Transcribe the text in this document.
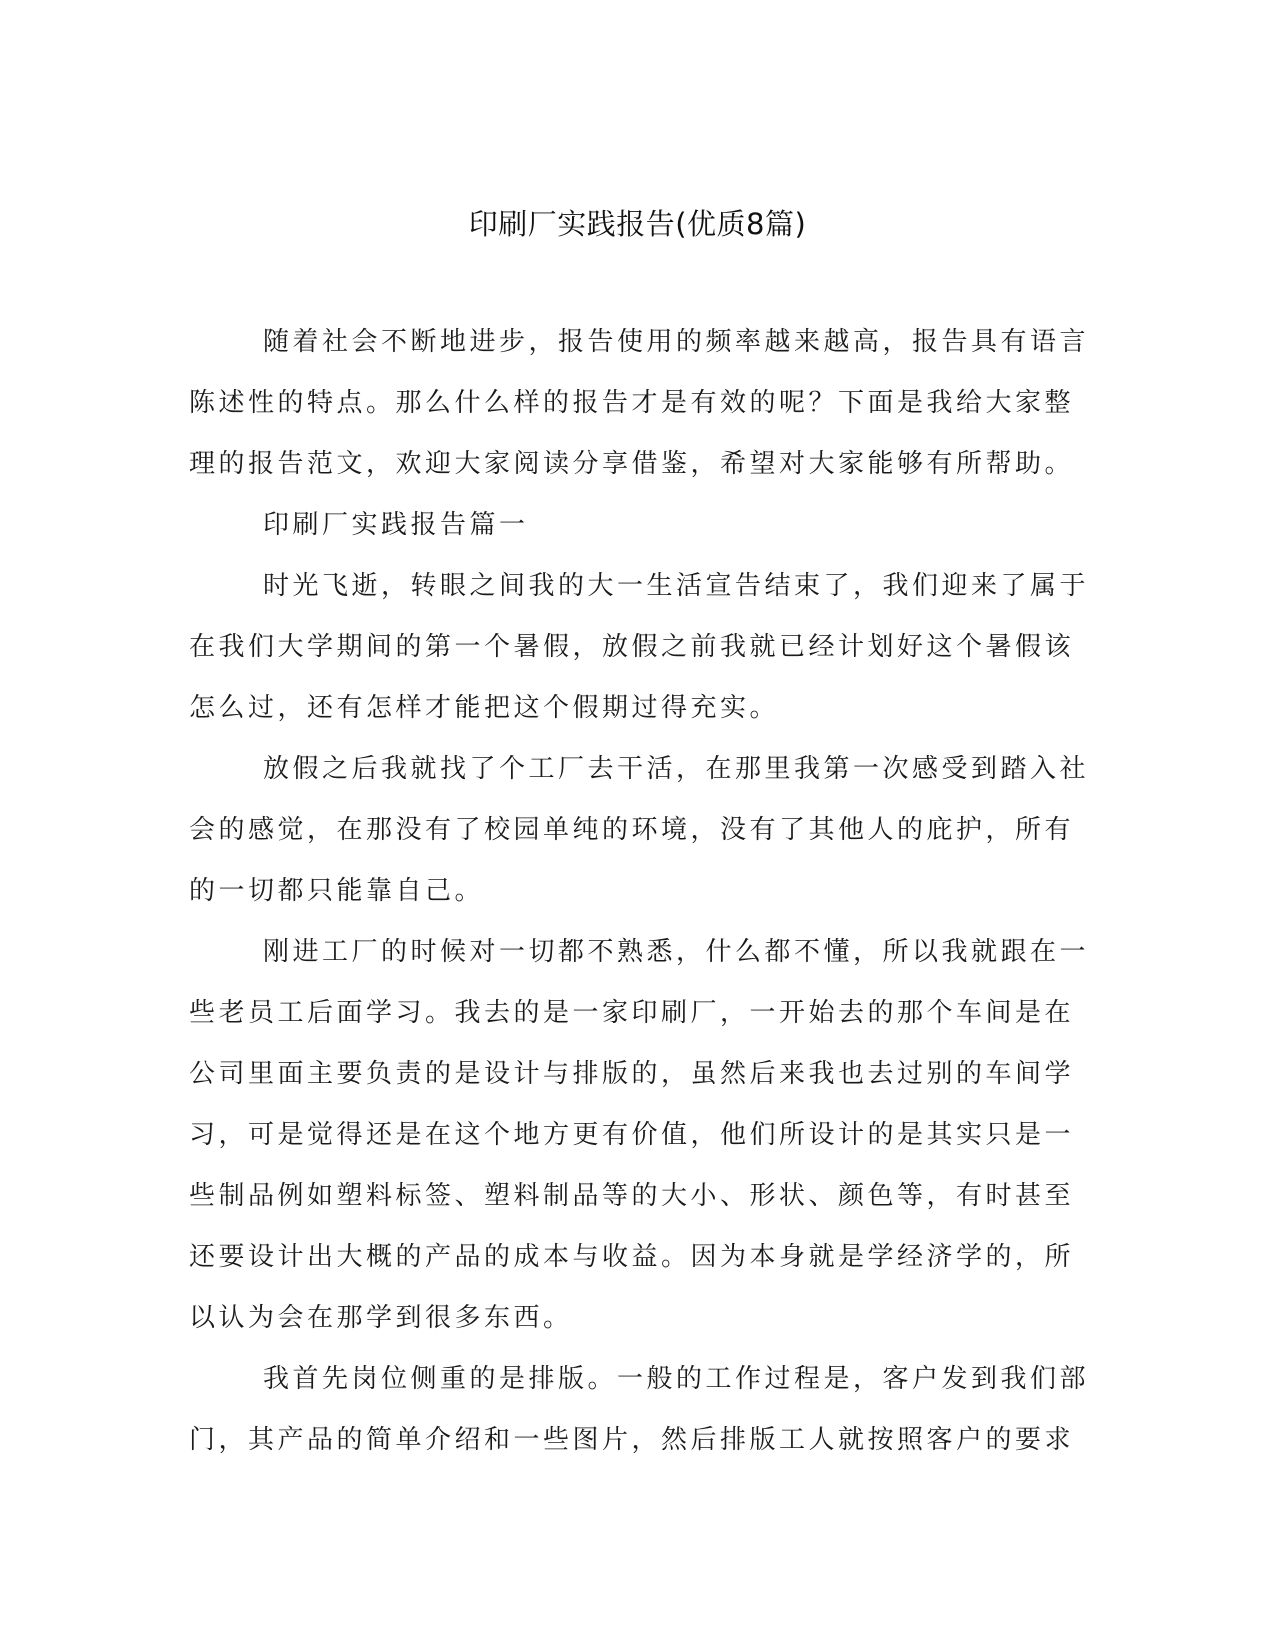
印刷厂实践报告(优质8篇)
随着社会不断地进步，报告使用的频率越来越高，报告具有语言
陈述性的特点。那么什么样的报告才是有效的呢？下面是我给大家整
理的报告范文，欢迎大家阅读分享借鉴，希望对大家能够有所帮助。
印刷厂实践报告篇一
时光飞逝，转眼之间我的大一生活宣告结束了，我们迎来了属于
在我们大学期间的第一个暑假，放假之前我就已经计划好这个暑假该
怎么过，还有怎样才能把这个假期过得充实。
放假之后我就找了个工厂去干活，在那里我第一次感受到踏入社
会的感觉，在那没有了校园单纯的环境，没有了其他人的庇护，所有
的一切都只能靠自己。
刚进工厂的时候对一切都不熟悉，什么都不懂，所以我就跟在一
些老员工后面学习。我去的是一家印刷厂，一开始去的那个车间是在
公司里面主要负责的是设计与排版的，虽然后来我也去过别的车间学
习，可是觉得还是在这个地方更有价值，他们所设计的是其实只是一
些制品例如塑料标签、塑料制品等的大小、形状、颜色等，有时甚至
还要设计出大概的产品的成本与收益。因为本身就是学经济学的，所
以认为会在那学到很多东西。
我首先岗位侧重的是排版。一般的工作过程是，客户发到我们部
门，其产品的简单介绍和一些图片，然后排版工人就按照客户的要求
